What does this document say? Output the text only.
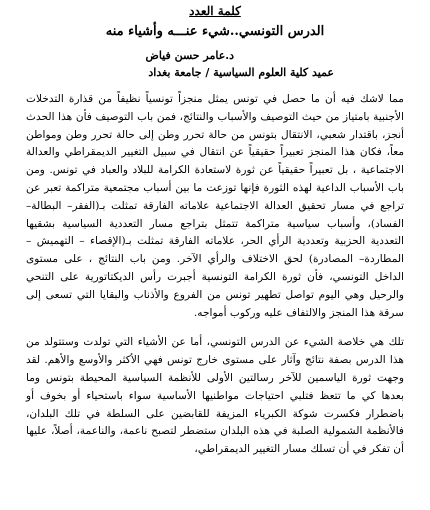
كلمة العدد
الدرس التونسي..شيء عنـــه وأشياء منه
د.عامر حسن فياض
عميد كلية العلوم السياسية / جامعة بغداد

مما لاشك فيه أن ما حصل في تونس يمثل منجزاً تونسياً نظيفاً من قذارة التدخلات الأجنبية بامتياز من حيث التوصيف والأسباب والنتائج، فمن باب التوصيف فأن هذا الحدث أنجز، باقتدار شعبي، الانتقال بتونس من حالة تحرر وطن إلى حالة تحرر وطن ومواطن معاً، فكان هذا المنجز تعبيراً حقيقياً عن انتقال في سبيل التغيير الديمقراطي والعدالة الاجتماعية ، بل تعبيراً حقيقياً عن ثورة لاستعادة الكرامة للبلاد والعباد في تونس. ومن باب الأسباب الداعية لهذه الثورة فإنها توزعت ما بين أسباب مجتمعية متراكمة تعبر عن تراجع في مسار تحقيق العدالة الاجتماعية علاماته الفارقة تمثلت بـ(الفقر– البطالة– الفساد)، وأسباب سياسية متراكمة تتمثل بتراجع مسار التعددية السياسية بشقيها التعددية الحزبية وتعددية الرأي الحر، علاماته الفارقة تمثلت بـ(الإقصاء – التهميش – المطاردة– المصادرة) لحق الاختلاف والرأي الآخر. ومن باب النتائج ، على مستوى الداخل التونسي، فأن ثورة الكرامة التونسية أجبرت رأس الديكتاتورية على التنحي والرحيل وهي اليوم تواصل تطهير تونس من الفروع والأذناب والبقايا التي تسعى إلى سرقة هذا المنجز والالتفاف عليه وركوب أمواجه.

تلك هي خلاصة الشيء عن الدرس التونسي، أما عن الأشياء التي تولدت وستتولد من هذا الدرس بصفة نتائج وآثار على مستوى خارج تونس فهي الأكثر والأوسع والأهم. لقد وجهت ثورة الياسمين للآخر رسالتين الأولى للأنظمة السياسية المحيطة بتونس وما بعدها كي ما تتعظ فتلبي احتياجات مواطنيها الأساسية سواء باستحياء أو بخوف أو باضطرار فكسرت شوكة الكبرياء المزيفة للقابضين على السلطة في تلك البلدان، فالأنظمة الشمولية الصلبة في هذه البلدان ستضطر لتصبح ناعمة، والناعمة، أصلاً، عليها أن تفكر في أن تسلك مسار التغيير الديمقراطي،
